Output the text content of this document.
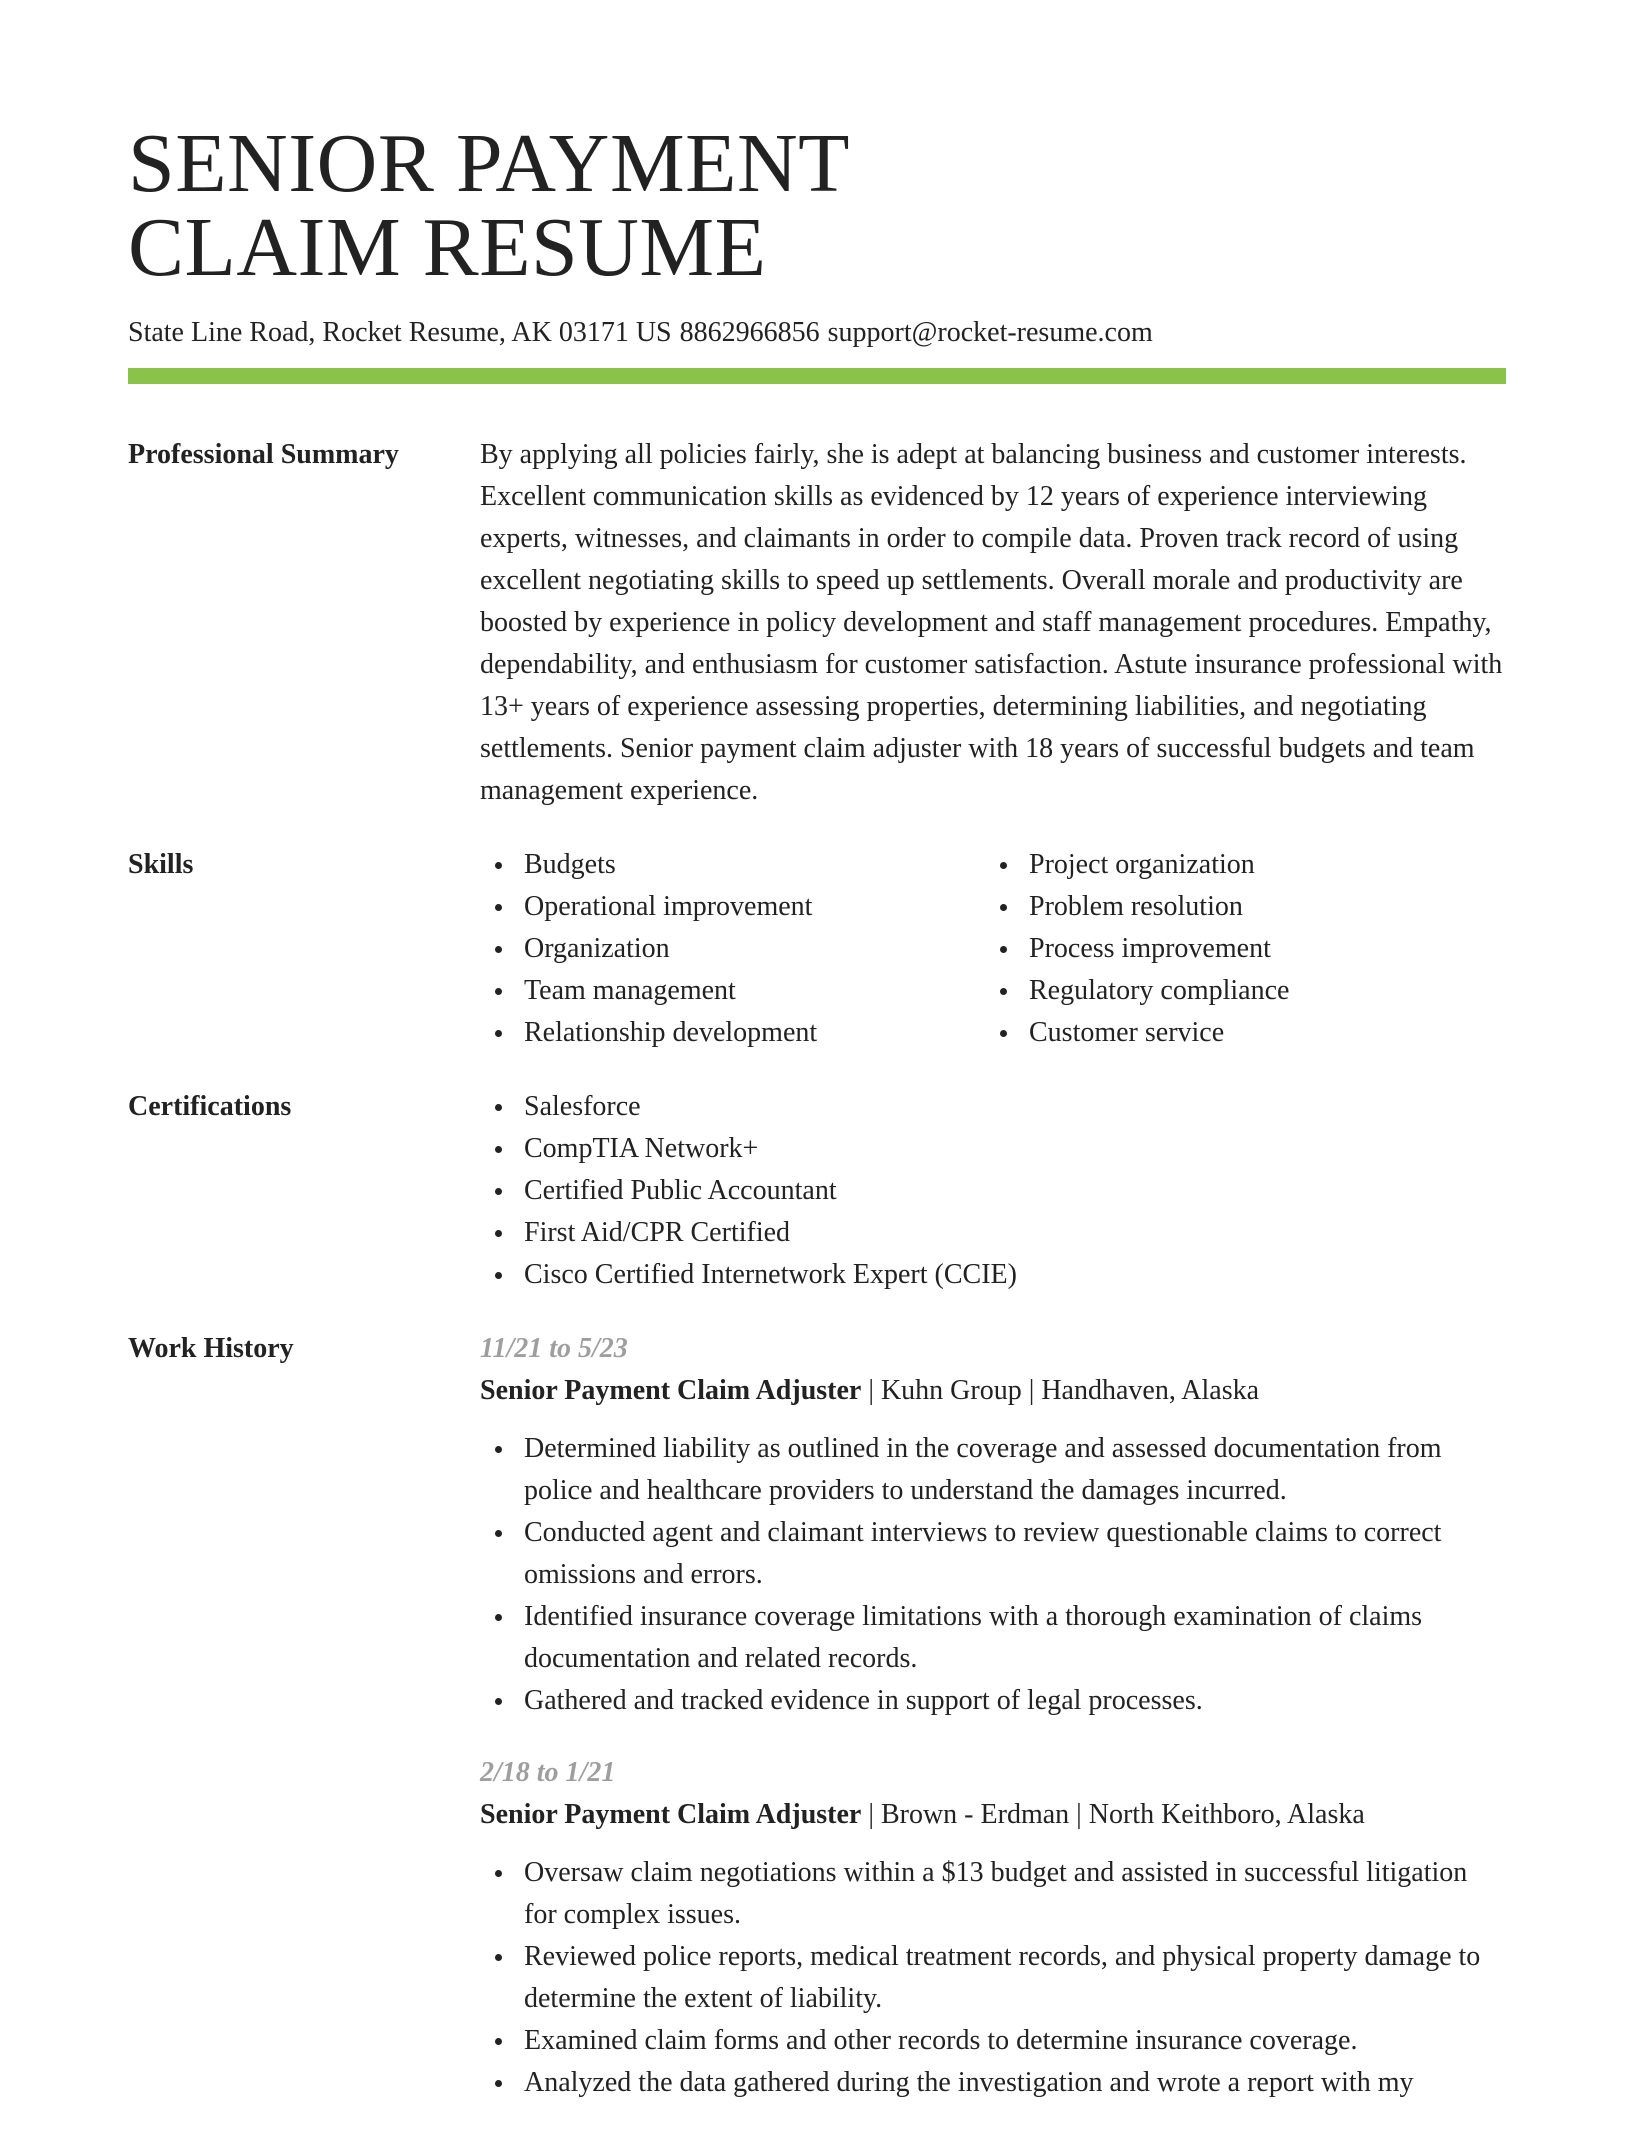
SENIOR PAYMENT
CLAIM RESUME
State Line Road, Rocket Resume, AK 03171 US 8862966856 support@rocket-resume.com
Professional Summary	By applying all policies fairly, she is adept at balancing business and customer interests. Excellent communication skills as evidenced by 12 years of experience interviewing experts, witnesses, and claimants in order to compile data. Proven track record of using excellent negotiating skills to speed up settlements. Overall morale and productivity are boosted by experience in policy development and staff management procedures. Empathy, dependability, and enthusiasm for customer satisfaction. Astute insurance professional with 13+ years of experience assessing properties, determining liabilities, and negotiating settlements. Senior payment claim adjuster with 18 years of successful budgets and team management experience.

Skills	Budgets
Operational improvement
Organization
Team management
Relationship development
Project organization
Problem resolution
Process improvement
Regulatory compliance
Customer service
Certifications	Salesforce
CompTIA Network+
Certified Public Accountant
First Aid/CPR Certified
Cisco Certified Internetwork Expert (CCIE)
Work History	11/21 to 5/23
Senior Payment Claim Adjuster | Kuhn Group | Handhaven, Alaska
Determined liability as outlined in the coverage and assessed documentation from police and healthcare providers to understand the damages incurred.
Conducted agent and claimant interviews to review questionable claims to correct omissions and errors.
Identified insurance coverage limitations with a thorough examination of claims documentation and related records.
Gathered and tracked evidence in support of legal processes.
2/18 to 1/21
Senior Payment Claim Adjuster | Brown - Erdman | North Keithboro, Alaska
Oversaw claim negotiations within a $13 budget and assisted in successful litigation for complex issues.
Reviewed police reports, medical treatment records, and physical property damage to determine the extent of liability.
Examined claim forms and other records to determine insurance coverage.
Analyzed the data gathered during the investigation and wrote a report with my
